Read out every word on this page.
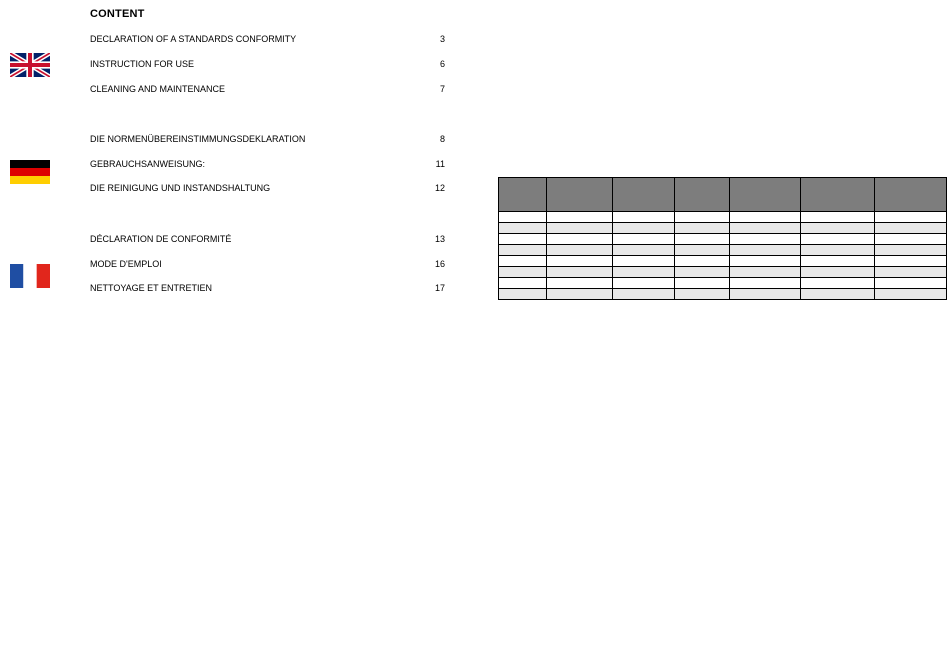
CONTENT
DECLARATION OF A STANDARDS CONFORMITY	3
INSTRUCTION FOR USE	6
CLEANING AND MAINTENANCE	7
DIE NORMENÜBEREINSTIMMUNGSDEKLARATION	8
GEBRAUCHSANWEISUNG:	11
DIE REINIGUNG UND INSTANDSHALTUNG	12
DÉCLARATION DE CONFORMITÉ	13
MODE D'EMPLOI	16
NETTOYAGE ET ENTRETIEN	17
